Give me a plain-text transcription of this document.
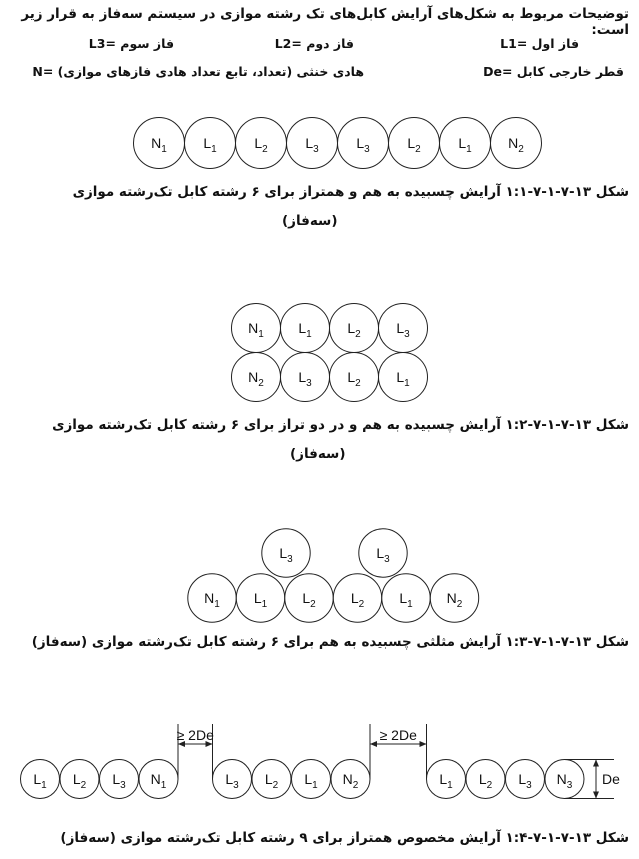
توضیحات مربوط به شکل‌های آرایش کابل‌های تک رشته موازی در سیستم سه‌فاز به قرار زیر است:
L1= فاز اول
L2= فاز دوم
L3= فاز سوم
De= قطر خارجی کابل
N= هادی خنثی (تعداد، تابع تعداد هادی فازهای موازی)
$N_1$	$L_1$	$L_2$	$L_3$	$L_3$	$L_2$	$L_1$	$N_2$
$N_1$ $L_1$	$L_2$	$L_3$
$N_2$ $L_3$	$L_2$	$L_1$
$N_1$ $L_1$	$L_2$	$L_2$	$L_1$ $N_2$
$L_3$	$L_3$
$L_1$ $L_2$ $L_3$ $N_1$	$L_3$ $L_2$ $L_1$ $N_2$	$L_1$ $L_2$ $L_3$ $N_3$
≥ 2De	≥ 2De
De
شکل ۱۳-۷-۱-۷-۱:۱ آرایش چسبیده به هم و همتراز برای ۶ رشته کابل تک‌رشته موازی
(سه‌فاز)
شکل ۱۳-۷-۱-۷-۱:۲ آرایش چسبیده به هم و در دو تراز برای ۶ رشته کابل تک‌رشته موازی
(سه‌فاز)
شکل ۱۳-۷-۱-۷-۱:۳ آرایش مثلثی چسبیده به هم برای ۶ رشته کابل تک‌رشته موازی (سه‌فاز)
شکل ۱۳-۷-۱-۷-۱:۴ آرایش مخصوص همتراز برای ۹ رشته کابل تک‌رشته موازی (سه‌فاز)
